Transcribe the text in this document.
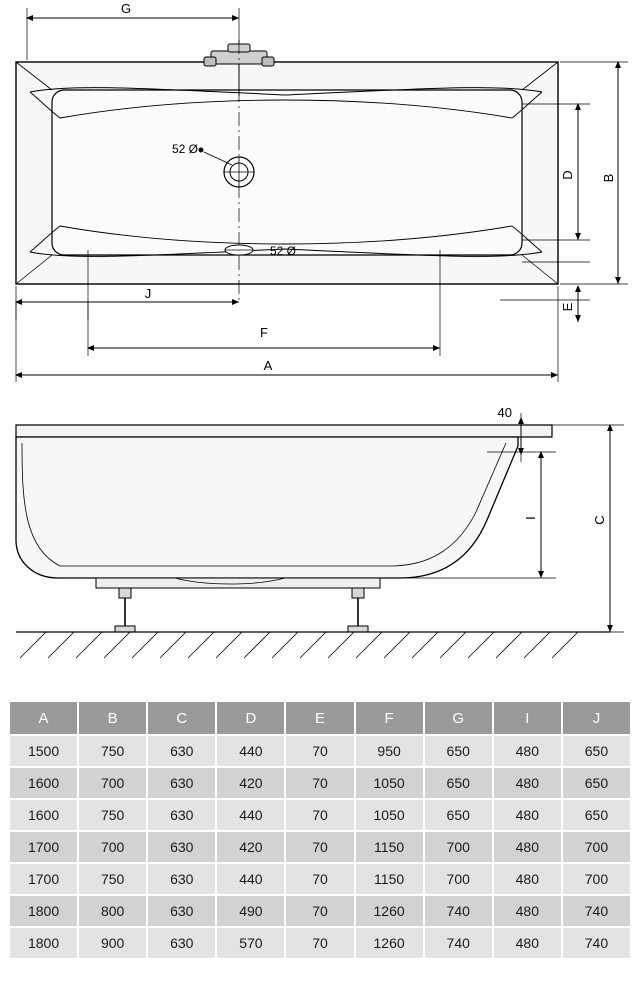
52 Ø
52 Ø
G
B
D
E
J
F
A
40
I	C
A	B	C	D	E	F	G	I	J
1500	750	630	440	70	950	650	480	650
1600	700	630	420	70	1050	650	480	650
1600	750	630	440	70	1050	650	480	650
1700	700	630	420	70	1150	700	480	700
1700	750	630	440	70	1150	700	480	700
1800	800	630	490	70	1260	740	480	740
1800	900	630	570	70	1260	740	480	740
